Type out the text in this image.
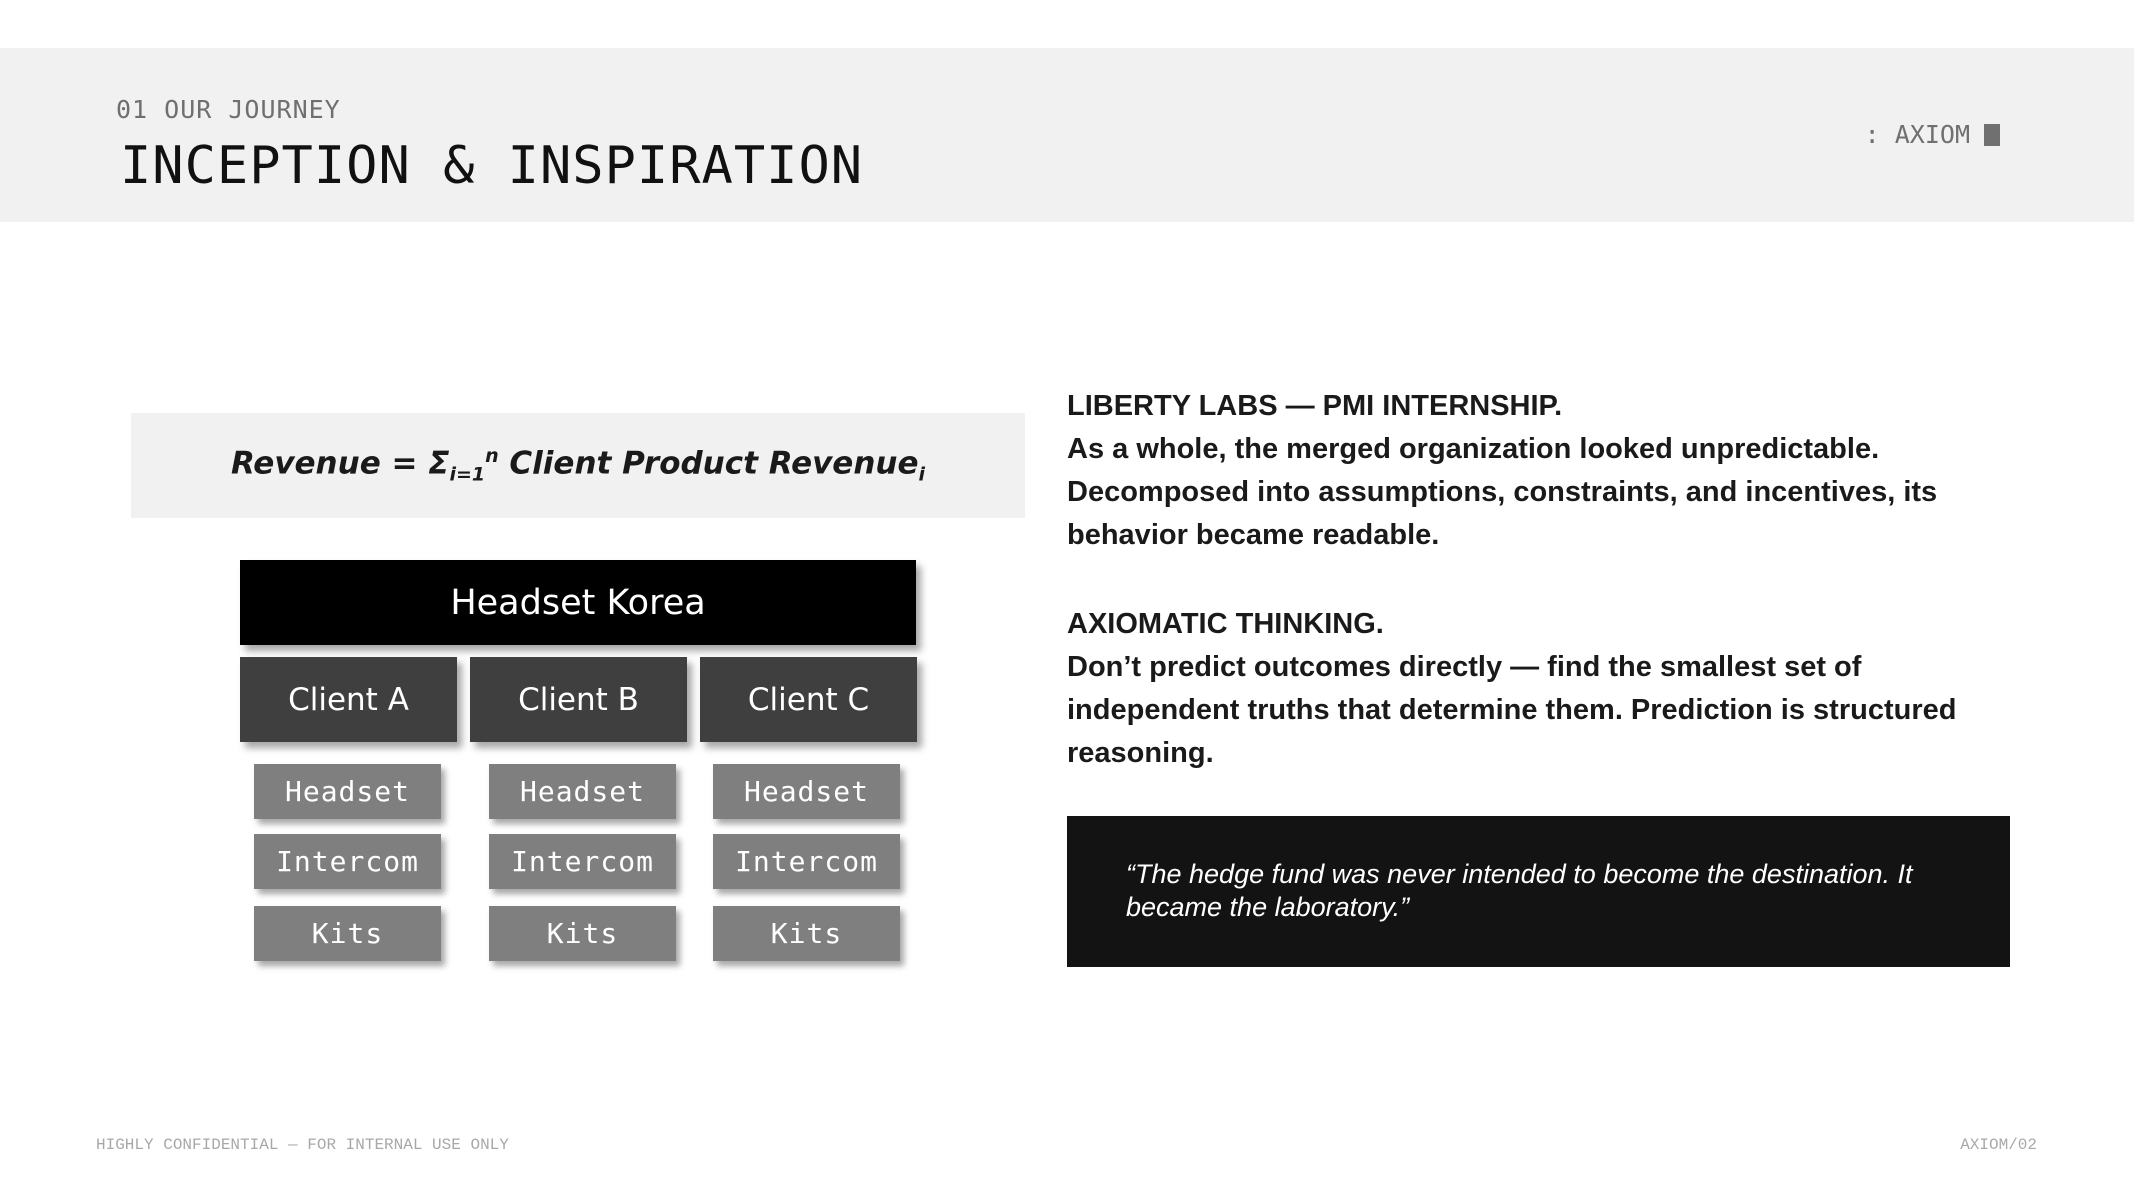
01 OUR JOURNEY
INCEPTION & INSPIRATION
: AXIOM
Revenue = $\Sigma_{i=1}^n$ Client Product Revenue$_i$
Headset Korea
Client A	Client B	Client C
Headset
Intercom
Kits
Headset
Intercom
Kits
Headset
Intercom
Kits

LIBERTY LABS — PMI INTERNSHIP.

As a whole, the merged organization looked unpredictable. Decomposed into assumptions, constraints, and incentives, its behavior became readable.

AXIOMATIC THINKING.

Don’t predict outcomes directly — find the smallest set of independent truths that determine them. Prediction is structured reasoning.

“The hedge fund was never intended to become the destination. It became the laboratory.”
HIGHLY CONFIDENTIAL — FOR INTERNAL USE ONLY	AXIOM/02
